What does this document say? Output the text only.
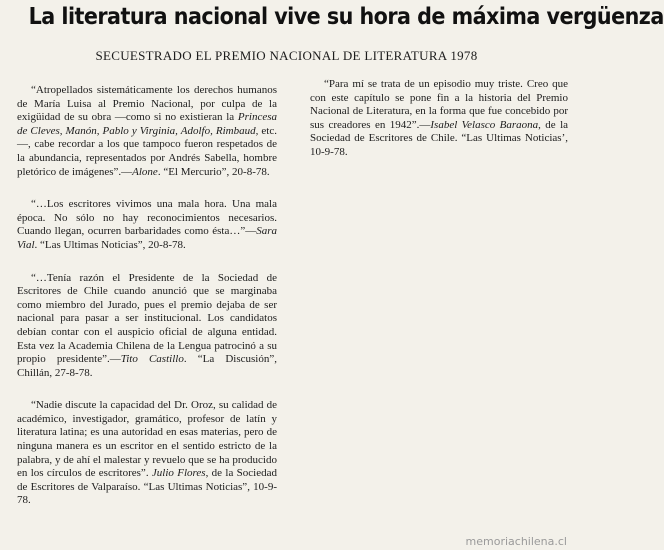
La literatura nacional vive su hora de máxima vergüenza
SECUESTRADO EL PREMIO NACIONAL DE LITERATURA 1978

“Atropellados sistemáticamente los derechos humanos de María Luisa al Premio Nacional, por culpa de la exigüidad de su obra —como si no existieran la Princesa de Cleves, Manón, Pablo y Virginia, Adolfo, Rimbaud, etc.—, cabe recordar a los que tampoco fueron respetados de la abundancia, representados por Andrés Sabella, hombre pletórico de imágenes”.—Alone. “El Mercurio”, 20-8-78.

“…Los escritores vivimos una mala hora. Una mala época. No sólo no hay reconocimientos necesarios. Cuando llegan, ocurren barbaridades como ésta…”—Sara Vial. “Las Ultimas Noticias”, 20-8-78.

“…Tenía razón el Presidente de la Sociedad de Escritores de Chile cuando anunció que se marginaba como miembro del Jurado, pues el premio dejaba de ser nacional para pasar a ser institucional. Los candidatos debían contar con el auspicio oficial de alguna entidad. Esta vez la Academia Chilena de la Lengua patrocinó a su propio presidente”.—Tito Castillo. “La Discusión”, Chillán, 27-8-78.

“Nadie discute la capacidad del Dr. Oroz, su calidad de académico, investigador, gramático, profesor de latín y literatura latina; es una autoridad en esas materias, pero de ninguna manera es un escritor en el sentido estricto de la palabra, y de ahí el malestar y revuelo que se ha producido en los círculos de escritores”. Julio Flores, de la Sociedad de Escritores de Valparaíso. “Las Ultimas Noticias”, 10-9-78.

“Para mí se trata de un episodio muy triste. Creo que con este capítulo se pone fin a la historia del Premio Nacional de Literatura, en la forma que fue concebido por sus creadores en 1942”.—Isabel Velasco Baraona, de la Sociedad de Escritores de Chile. “Las Ultimas Noticias’, 10-9-78.

memoriachilena.cl
